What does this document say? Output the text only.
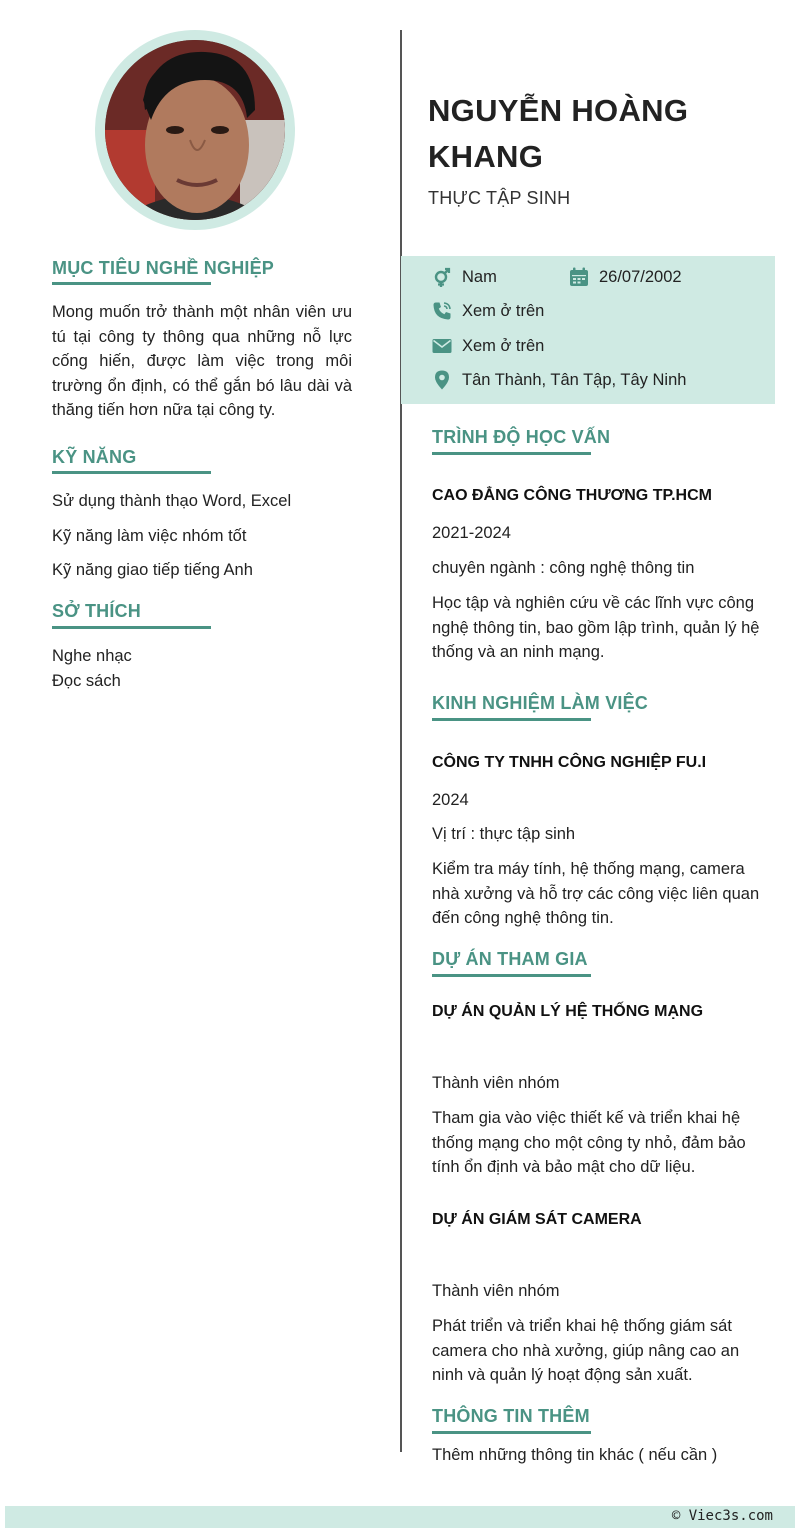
MỤC TIÊU NGHỀ NGHIỆP
Mong muốn trở thành một nhân viên ưu tú tại công ty thông qua những nỗ lực cống hiến, được làm việc trong môi trường ổn định, có thể gắn bó lâu dài và thăng tiến hơn nữa tại công ty.
KỸ NĂNG
Sử dụng thành thạo Word, Excel
Kỹ năng làm việc nhóm tốt
Kỹ năng giao tiếp tiếng Anh
SỞ THÍCH
Nghe nhạc
Đọc sách
NGUYỄN HOÀNG KHANG
THỰC TẬP SINH
Nam	26/07/2002
Xem ở trên
Xem ở trên
Tân Thành, Tân Tập, Tây Ninh
TRÌNH ĐỘ HỌC VẤN
CAO ĐẲNG CÔNG THƯƠNG TP.HCM
2021-2024
chuyên ngành : công nghệ thông tin
Học tập và nghiên cứu về các lĩnh vực công nghệ thông tin, bao gồm lập trình, quản lý hệ thống và an ninh mạng.
KINH NGHIỆM LÀM VIỆC
CÔNG TY TNHH CÔNG NGHIỆP FU.I
2024
Vị trí : thực tập sinh
Kiểm tra máy tính, hệ thống mạng, camera nhà xưởng và hỗ trợ các công việc liên quan đến công nghệ thông tin.
DỰ ÁN THAM GIA
DỰ ÁN QUẢN LÝ HỆ THỐNG MẠNG
Thành viên nhóm
Tham gia vào việc thiết kế và triển khai hệ thống mạng cho một công ty nhỏ, đảm bảo tính ổn định và bảo mật cho dữ liệu.
DỰ ÁN GIÁM SÁT CAMERA
Thành viên nhóm
Phát triển và triển khai hệ thống giám sát camera cho nhà xưởng, giúp nâng cao an ninh và quản lý hoạt động sản xuất.
THÔNG TIN THÊM
Thêm những thông tin khác ( nếu cần )
© Viec3s.com
